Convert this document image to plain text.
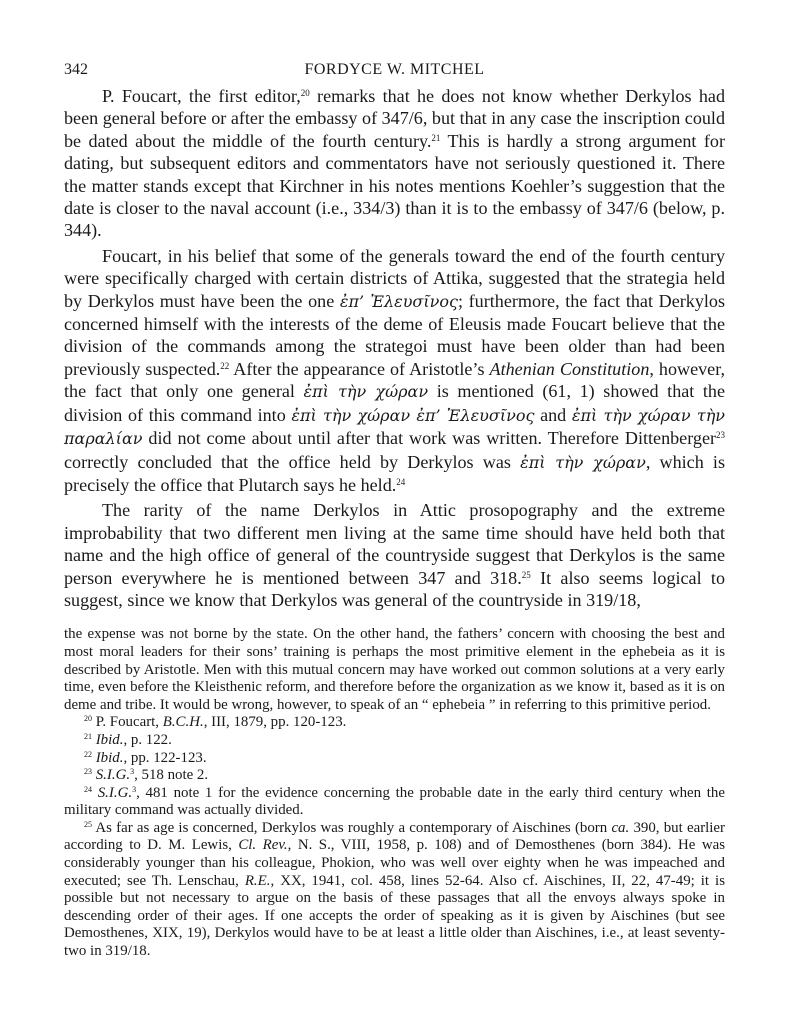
342	FORDYCE W. MITCHEL

P. Foucart, the first editor,$^{20}$ remarks that he does not know whether Derkylos had been general before or after the embassy of 347/6, but that in any case the inscription could be dated about the middle of the fourth century.$^{21}$ This is hardly a strong argument for dating, but subsequent editors and commentators have not seriously questioned it. There the matter stands except that Kirchner in his notes mentions Koehler’s suggestion that the date is closer to the naval account (i.e., 334/3) than it is to the embassy of 347/6 (below, p. 344).

Foucart, in his belief that some of the generals toward the end of the fourth century were specifically charged with certain districts of Attika, suggested that the strategia held by Derkylos must have been the one ἐπ’ Ἐλευσῖνος; furthermore, the fact that Derkylos concerned himself with the interests of the deme of Eleusis made Foucart believe that the division of the commands among the strategoi must have been older than had been previously suspected.$^{22}$ After the appearance of Aristotle’s Athenian Constitution, however, the fact that only one general ἐπὶ τὴν χώραν is mentioned (61, 1) showed that the division of this command into ἐπὶ τὴν χώραν ἐπ’ Ἐλευσῖνος and ἐπὶ τὴν χώραν τὴν παραλίαν did not come about until after that work was written. Therefore Dittenberger$^{23}$ correctly concluded that the office held by Derkylos was ἐπὶ τὴν χώραν, which is precisely the office that Plutarch says he held.$^{24}$

The rarity of the name Derkylos in Attic prosopography and the extreme improbability that two different men living at the same time should have held both that name and the high office of general of the countryside suggest that Derkylos is the same person everywhere he is mentioned between 347 and 318.25 It also seems logical to suggest, since we know that Derkylos was general of the countryside in 319/18,

the expense was not borne by the state. On the other hand, the fathers’ concern with choosing the best and most moral leaders for their sons’ training is perhaps the most primitive element in the ephebeia as it is described by Aristotle. Men with this mutual concern may have worked out common solutions at a very early time, even before the Kleisthenic reform, and therefore before the organization as we know it, based as it is on deme and tribe. It would be wrong, however, to speak of an “ ephebeia ” in referring to this primitive period.

$^{20}$ P. Foucart, B.C.H., III, 1879, pp. 120-123.

$^{21}$ Ibid., p. 122.

$^{22}$ Ibid., pp. 122-123.

$^{23}$ S.I.G.$^3$, 518 note 2.

$^{24}$ S.I.G.$^3$, 481 note 1 for the evidence concerning the probable date in the early third century when the military command was actually divided.

$^{25}$ As far as age is concerned, Derkylos was roughly a contemporary of Aischines (born ca. 390, but earlier according to D. M. Lewis, Cl. Rev., N. S., VIII, 1958, p. 108) and of Demosthenes (born 384). He was considerably younger than his colleague, Phokion, who was well over eighty when he was impeached and executed; see Th. Lenschau, R.E., XX, 1941, col. 458, lines 52-64. Also cf. Aischines, II, 22, 47-49; it is possible but not necessary to argue on the basis of these passages that all the envoys always spoke in descending order of their ages. If one accepts the order of speaking as it is given by Aischines (but see Demosthenes, XIX, 19), Derkylos would have to be at least a little older than Aischines, i.e., at least seventy-two in 319/18.
